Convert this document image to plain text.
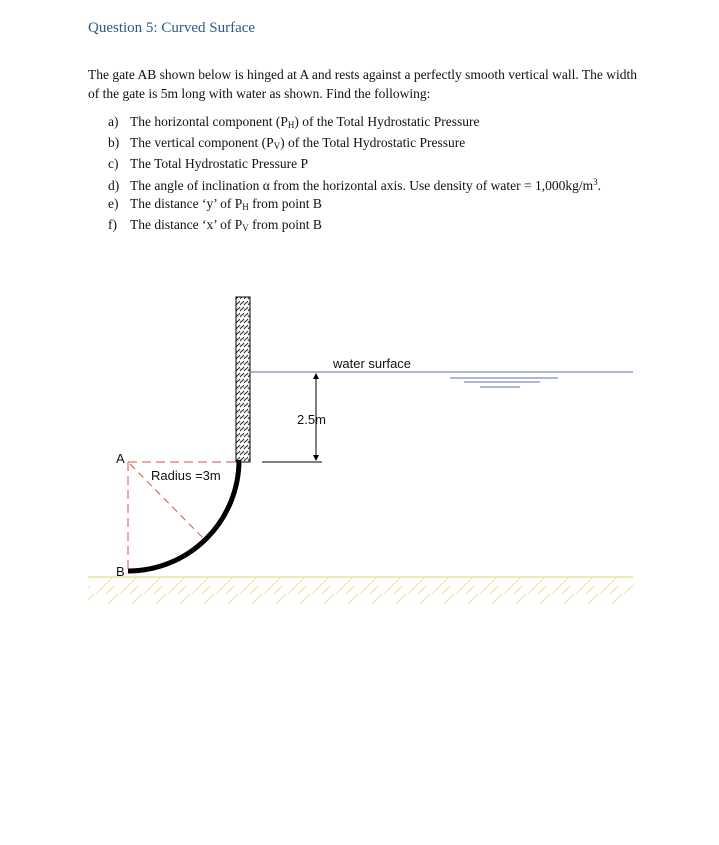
Question 5: Curved Surface

The gate AB shown below is hinged at A and rests against a perfectly smooth vertical wall. The width of the gate is 5m long with water as shown. Find the following:

a) The horizontal component $(P_H)$ of the Total Hydrostatic Pressure
b) The vertical component $(P_V)$ of the Total Hydrostatic Pressure
c) The Total Hydrostatic Pressure P
d) The angle of inclination α from the horizontal axis. Use density of water = $1,000kg/m^3$.
e) The distance ‘y’ of $P_H$ from point B
f) The distance ‘x’ of $P_V$ from point B
water surface
2.5m
A
B
Radius =3m
